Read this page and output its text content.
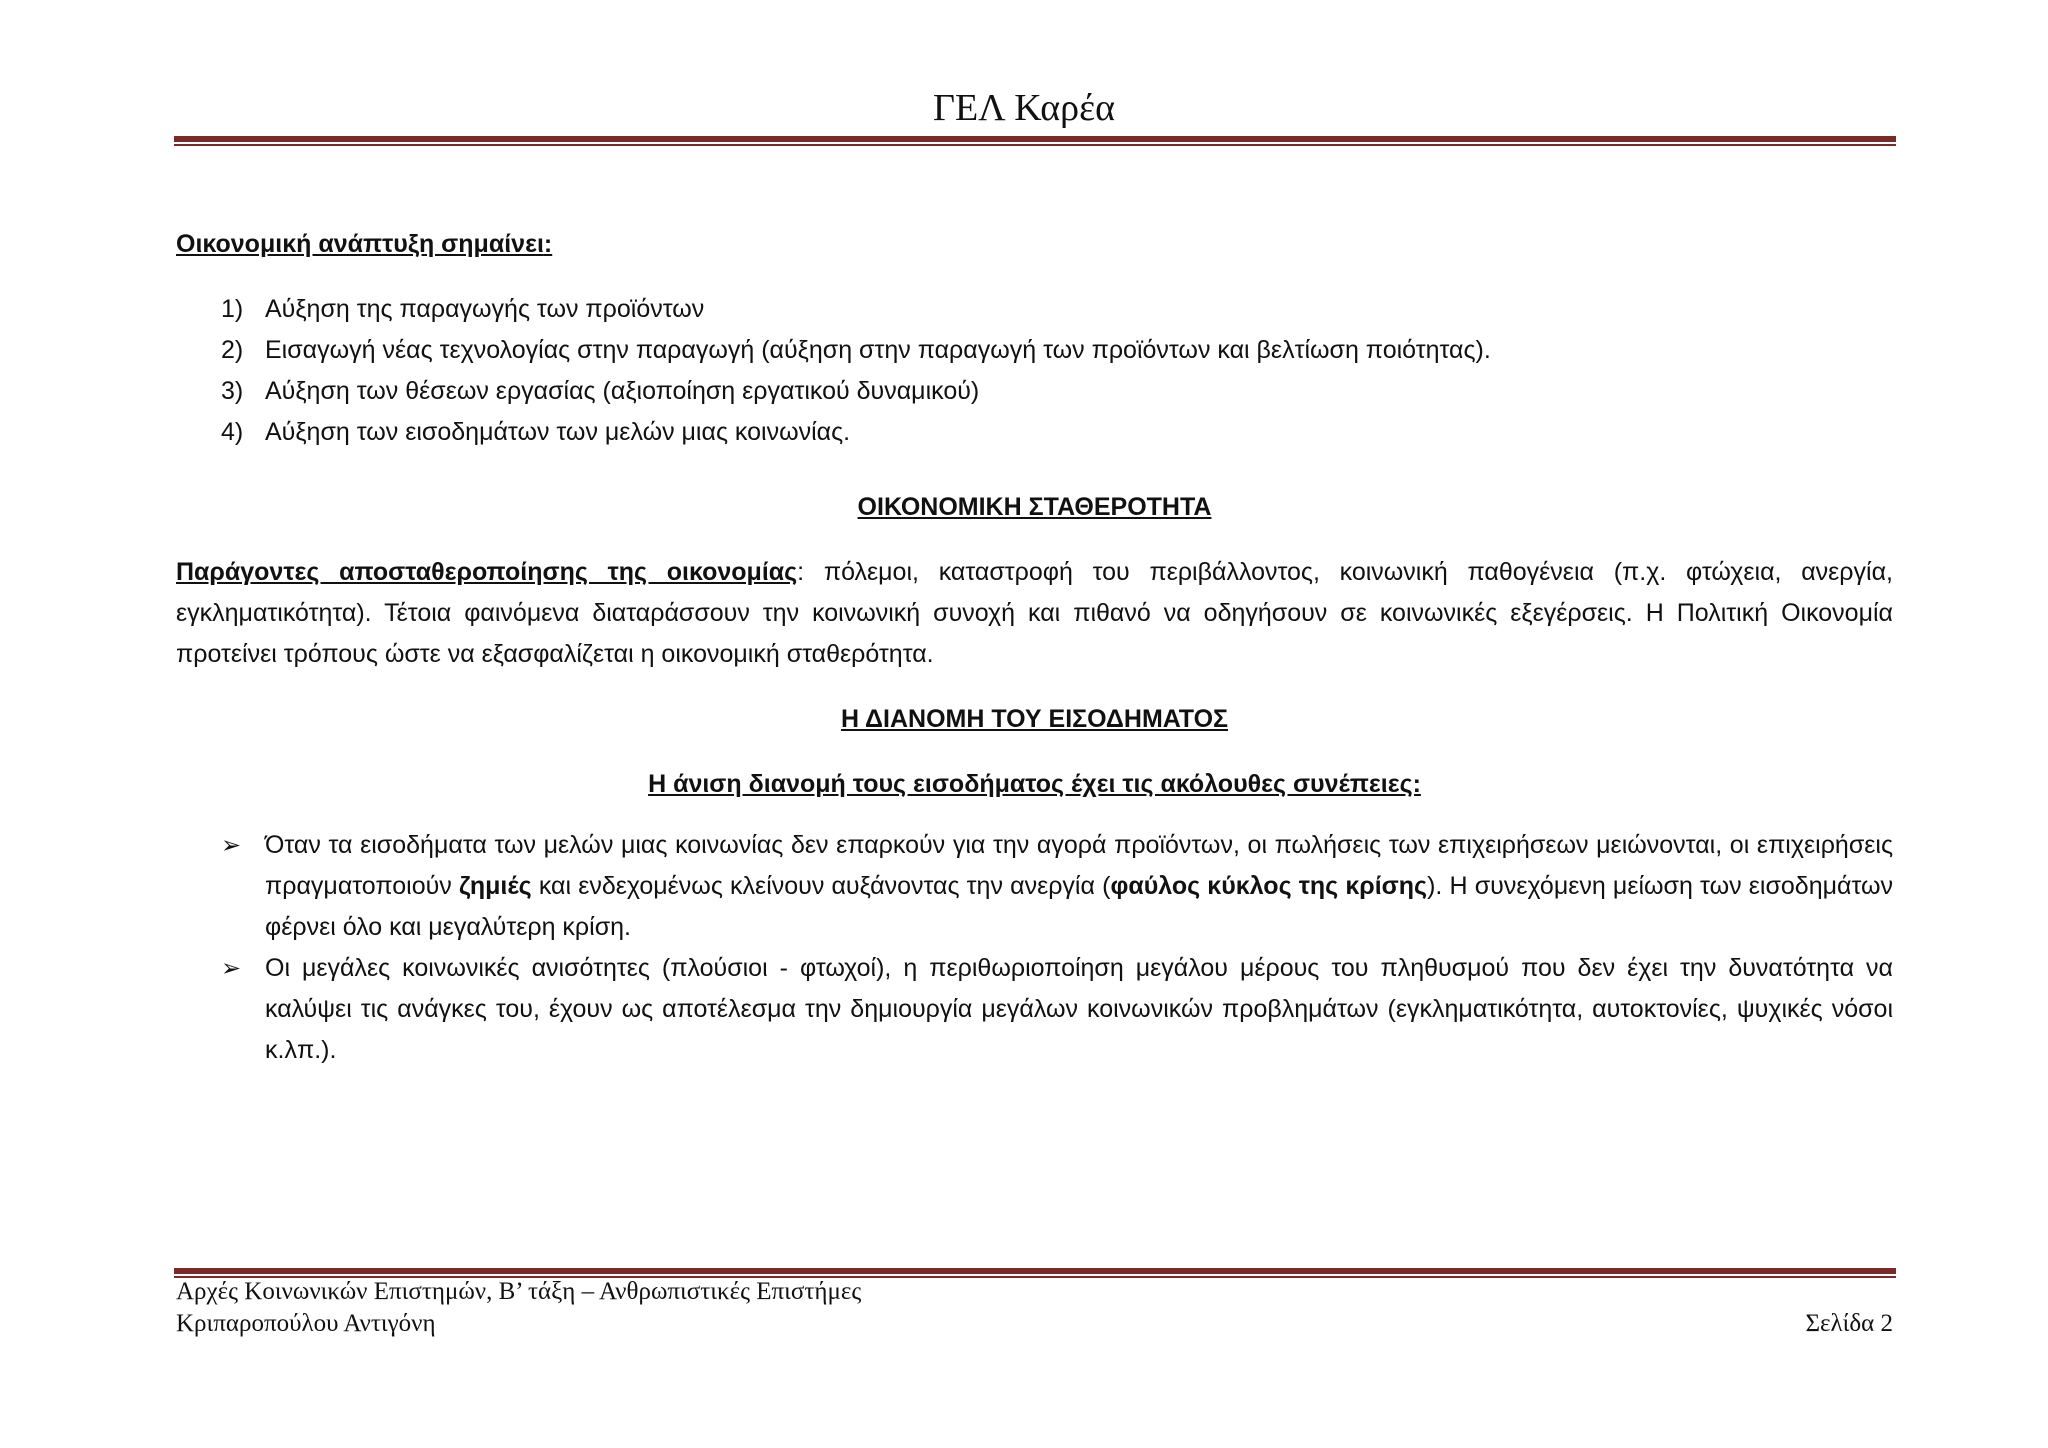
ΓΕΛ Καρέα

Οικονομική ανάπτυξη σημαίνει:

1) Αύξηση της παραγωγής των προϊόντων
2) Εισαγωγή νέας τεχνολογίας στην παραγωγή (αύξηση στην παραγωγή των προϊόντων και βελτίωση ποιότητας).
3) Αύξηση των θέσεων εργασίας (αξιοποίηση εργατικού δυναμικού)
4) Αύξηση των εισοδημάτων των μελών μιας κοινωνίας.

ΟΙΚΟΝΟΜΙΚΗ ΣΤΑΘΕΡΟΤΗΤΑ

Παράγοντες αποσταθεροποίησης της οικονομίας: πόλεμοι, καταστροφή του περιβάλλοντος, κοινωνική παθογένεια (π.χ. φτώχεια, ανεργία, εγκληματικότητα). Τέτοια φαινόμενα διαταράσσουν την κοινωνική συνοχή και πιθανό να οδηγήσουν σε κοινωνικές εξεγέρσεις. Η Πολιτική Οικονομία προτείνει τρόπους ώστε να εξασφαλίζεται η οικονομική σταθερότητα.

Η ΔΙΑΝΟΜΗ ΤΟΥ ΕΙΣΟΔΗΜΑΤΟΣ

Η άνιση διανομή τους εισοδήματος έχει τις ακόλουθες συνέπειες:

➢ Όταν τα εισοδήματα των μελών μιας κοινωνίας δεν επαρκούν για την αγορά προϊόντων, οι πωλήσεις των επιχειρήσεων μειώνονται, οι επιχειρήσεις πραγματοποιούν ζημιές και ενδεχομένως κλείνουν αυξάνοντας την ανεργία (φαύλος κύκλος της κρίσης). Η συνεχόμενη μείωση των εισοδημάτων φέρνει όλο και μεγαλύτερη κρίση.
➢ Οι μεγάλες κοινωνικές ανισότητες (πλούσιοι - φτωχοί), η περιθωριοποίηση μεγάλου μέρους του πληθυσμού που δεν έχει την δυνατότητα να καλύψει τις ανάγκες του, έχουν ως αποτέλεσμα την δημιουργία μεγάλων κοινωνικών προβλημάτων (εγκληματικότητα, αυτοκτονίες, ψυχικές νόσοι κ.λπ.).
Αρχές Κοινωνικών Επιστημών, Β’ τάξη – Ανθρωπιστικές Επιστήμες
Κριπαροπούλου Αντιγόνη	Σελίδα 2
